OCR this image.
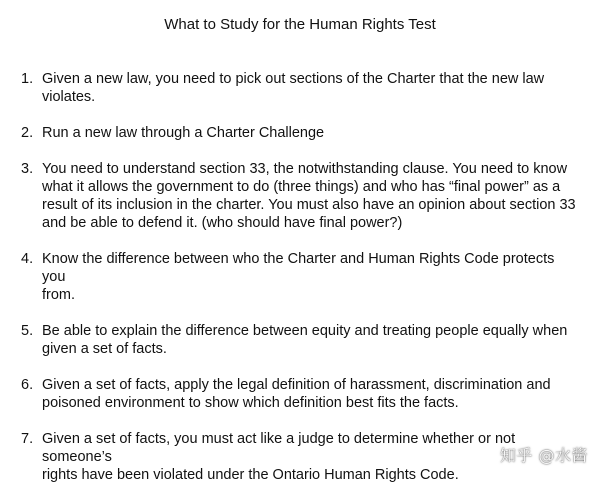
What to Study for the Human Rights Test
1. Given a new law, you need to pick out sections of the Charter that the new law
violates.
2. Run a new law through a Charter Challenge
3. You need to understand section 33, the notwithstanding clause. You need to know
what it allows the government to do (three things) and who has “final power” as a
result of its inclusion in the charter. You must also have an opinion about section 33
and be able to defend it. (who should have final power?)
4. Know the difference between who the Charter and Human Rights Code protects you
from.
5. Be able to explain the difference between equity and treating people equally when
given a set of facts.
6. Given a set of facts, apply the legal definition of harassment, discrimination and
poisoned environment to show which definition best fits the facts.
7. Given a set of facts, you must act like a judge to determine whether or not someone’s
rights have been violated under the Ontario Human Rights Code.
知乎 @水酱
